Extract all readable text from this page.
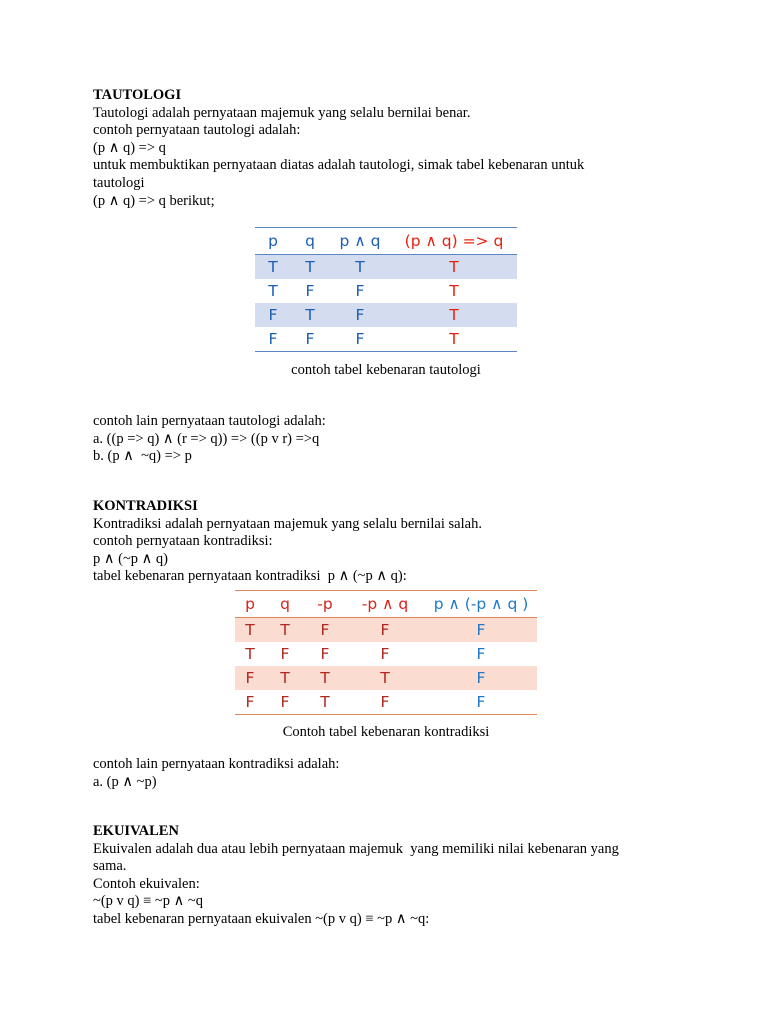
TAUTOLOGI
Tautologi adalah pernyataan majemuk yang selalu bernilai benar.
contoh pernyataan tautologi adalah:
(p ∧ q) => q
untuk membuktikan pernyataan diatas adalah tautologi, simak tabel kebenaran untuk
tautologi
(p ∧ q) => q berikut;
p	q	p ∧ q	(p ∧ q) => q
T	T	T	T
T	F	F	T
F	T	F	T
F	F	F	T
contoh tabel kebenaran tautologi
contoh lain pernyataan tautologi adalah:
a. ((p => q) ∧ (r => q)) => ((p v r) =>q
b. (p ∧  ~q) => p
KONTRADIKSI
Kontradiksi adalah pernyataan majemuk yang selalu bernilai salah.
contoh pernyataan kontradiksi:
p ∧ (~p ∧ q)
tabel kebenaran pernyataan kontradiksi  p ∧ (~p ∧ q):
p	q	-p	-p ∧ q	p ∧ (-p ∧ q )
T	T	F	F	F
T	F	F	F	F
F	T	T	T	F
F	F	T	F	F
Contoh tabel kebenaran kontradiksi
contoh lain pernyataan kontradiksi adalah:
a. (p ∧ ~p)
EKUIVALEN
Ekuivalen adalah dua atau lebih pernyataan majemuk  yang memiliki nilai kebenaran yang
sama.
Contoh ekuivalen:
~(p v q) ≡ ~p ∧ ~q
tabel kebenaran pernyataan ekuivalen ~(p v q) ≡ ~p ∧ ~q:
